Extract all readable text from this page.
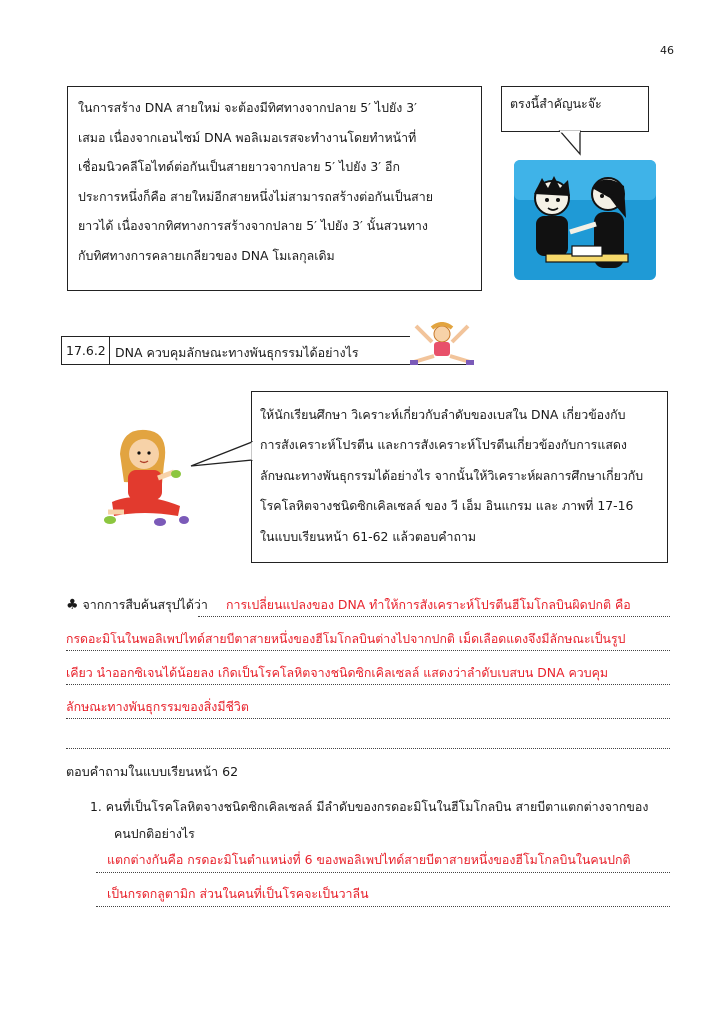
46
ในการสร้าง DNA สายใหม่ จะต้องมีทิศทางจากปลาย 5′ ไปยัง 3′
เสมอ เนื่องจากเอนไซม์ DNA พอลิเมอเรสจะทำงานโดยทำหน้าที่
เชื่อมนิวคลีโอไทด์ต่อกันเป็นสายยาวจากปลาย 5′ ไปยัง 3′ อีก
ประการหนึ่งก็คือ สายใหม่อีกสายหนึ่งไม่สามารถสร้างต่อกันเป็นสาย
ยาวได้ เนื่องจากทิศทางการสร้างจากปลาย 5′ ไปยัง 3′ นั้นสวนทาง
กับทิศทางการคลายเกลียวของ DNA โมเลกุลเดิม
ตรงนี้สำคัญนะจ๊ะ
17.6.2 DNA ควบคุมลักษณะทางพันธุกรรมได้อย่างไร
ให้นักเรียนศึกษา วิเคราะห์เกี่ยวกับลำดับของเบสใน DNA เกี่ยวข้องกับ
การสังเคราะห์โปรตีน และการสังเคราะห์โปรตีนเกี่ยวข้องกับการแสดง
ลักษณะทางพันธุกรรมได้อย่างไร จากนั้นให้วิเคราะห์ผลการศึกษาเกี่ยวกับ
โรคโลหิตจางชนิดซิกเคิลเซลล์ ของ วี เอ็ม อินแกรม และ ภาพที่ 17-16
ในแบบเรียนหน้า 61-62 แล้วตอบคำถาม
♣ จากการสืบค้นสรุปได้ว่า การเปลี่ยนแปลงของ DNA ทำให้การสังเคราะห์โปรตีนฮีโมโกลบินผิดปกติ คือ
กรดอะมิโนในพอลิเพปไทด์สายบีตาสายหนึ่งของฮีโมโกลบินต่างไปจากปกติ เม็ดเลือดแดงจึงมีลักษณะเป็นรูป
เคียว นำออกซิเจนได้น้อยลง เกิดเป็นโรคโลหิตจางชนิดซิกเคิลเซลล์ แสดงว่าลำดับเบสบน DNA ควบคุม
ลักษณะทางพันธุกรรมของสิ่งมีชีวิต
ตอบคำถามในแบบเรียนหน้า 62
1. คนที่เป็นโรคโลหิตจางชนิดซิกเคิลเซลล์ มีลำดับของกรดอะมิโนในฮีโมโกลบิน สายบีตาแตกต่างจากของ
คนปกติอย่างไร
แตกต่างกันคือ กรดอะมิโนตำแหน่งที่ 6 ของพอลิเพปไทด์สายบีตาสายหนึ่งของฮีโมโกลบินในคนปกติ
เป็นกรดกลูตามิก ส่วนในคนที่เป็นโรคจะเป็นวาลีน
